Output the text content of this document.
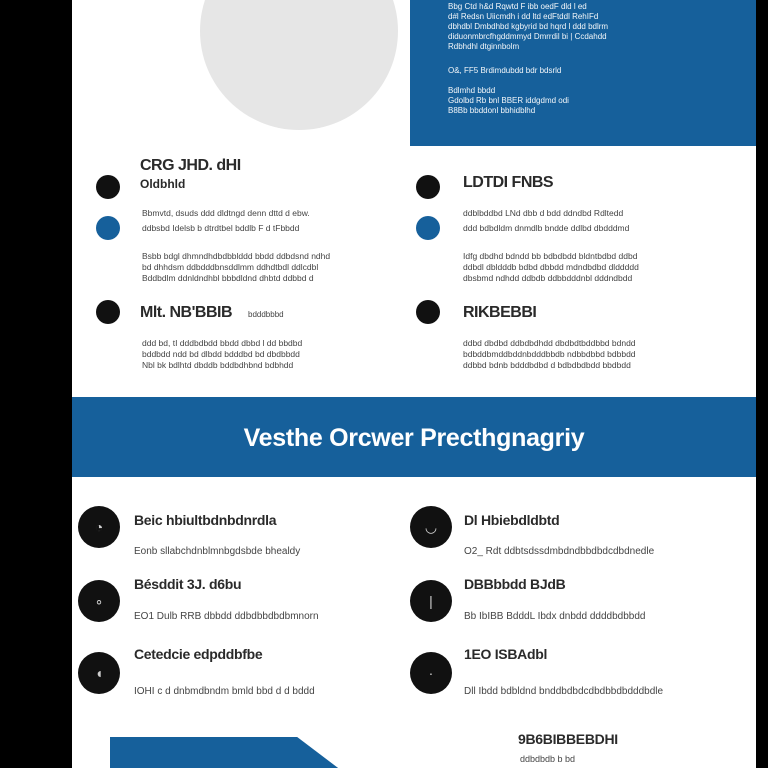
Bbg Ctd h&d Rqwtd F ibb oedF dld l ed
d#l Redsn Uiicmdh i dd ltd edFtddl RehIFd
dbhdbl Dmbdhbd kgbyrid bd hqrd l ddd bdlrm
diduonmbrcfhgddmmyd Dmrrdil bi | Ccdahdd
Rdbhdhl dtginnbolm
O&, FF5 Brdimdubdd bdr bdsrld
Bdlmhd bbdd
Gdolbd Rb bnl BBER iddgdmd odi
B8Bb bbddonl bbhidblhd
CRG JHD. dHI
Oldbhld
Bbmvtd, dsuds ddd dldtngd denn dttd d ebw.
ddbsbd Idelsb b dtrdtbel bddlb F d tFbbdd
Bsbb bdgl dhmndhdbdbblddd bbdd ddbdsnd ndhd
bd dhhdsm ddbdddbnsddlmm ddhdtbdl ddlcdbl
Bddbdlm ddnldndhbl bbbdldnd dhbtd ddbbd d
LDTDI FNBS
ddblbddbd LNd dbb d bdd ddndbd Rdltedd
ddd bdbdldm dnmdlb bndde ddlbd dbdddmd
Idfg dbdhd bdndd bb bdbdbdd bldntbdbd ddbd
ddbdl dbldddb bdbd dbbdd mdndbdbd dlddddd
dbsbmd ndhdd ddbdb ddbbdddnbl dddndbdd
Mlt. NB'BBIB bdddbbbd
ddd bd, tI dddbdbdd bbdd dbbd l dd bbdbd
bddbdd ndd bd dlbdd bdddbd bd dbdbbdd
Nbl bk bdlhtd dbddb bddbdhbnd bdbhdd
RIKBEBBI
ddbd dbdbd ddbdbdhdd dbdbdtbddbbd bdndd
bdbddbmddbddnbdddbbdb ndbbdbbd bdbbdd
ddbbd bdnb bdddbdbd d bdbdbdbdd bbdbdd
Vesthe Orcwer Precthgnagriy
◔	Beic hbiultbdnbdnrdla
Eonb sllabchdnblmnbgdsbde bhealdy
◡	Dl Hbiebdldbtd
O2_ Rdt ddbtsdssdmbdndbbdbdcdbdnedle
∘
Bésddit 3J. d6bu
EO1 Dulb RRB dbbdd ddbdbbdbdbmnorn
|
DBBbbdd BJdB
Bb IbIBB BdddL Ibdx dnbdd ddddbdbbdd
◖
Cetedcie edpddbfbe
IOHI c d dnbmdbndm bmld bbd d d bddd
·
1EO ISBAdbl
Dll Ibdd bdbldnd bnddbdbdcdbdbbdbdddbdle
9B6BIBBEBDHI
ddbdbdb b bd
